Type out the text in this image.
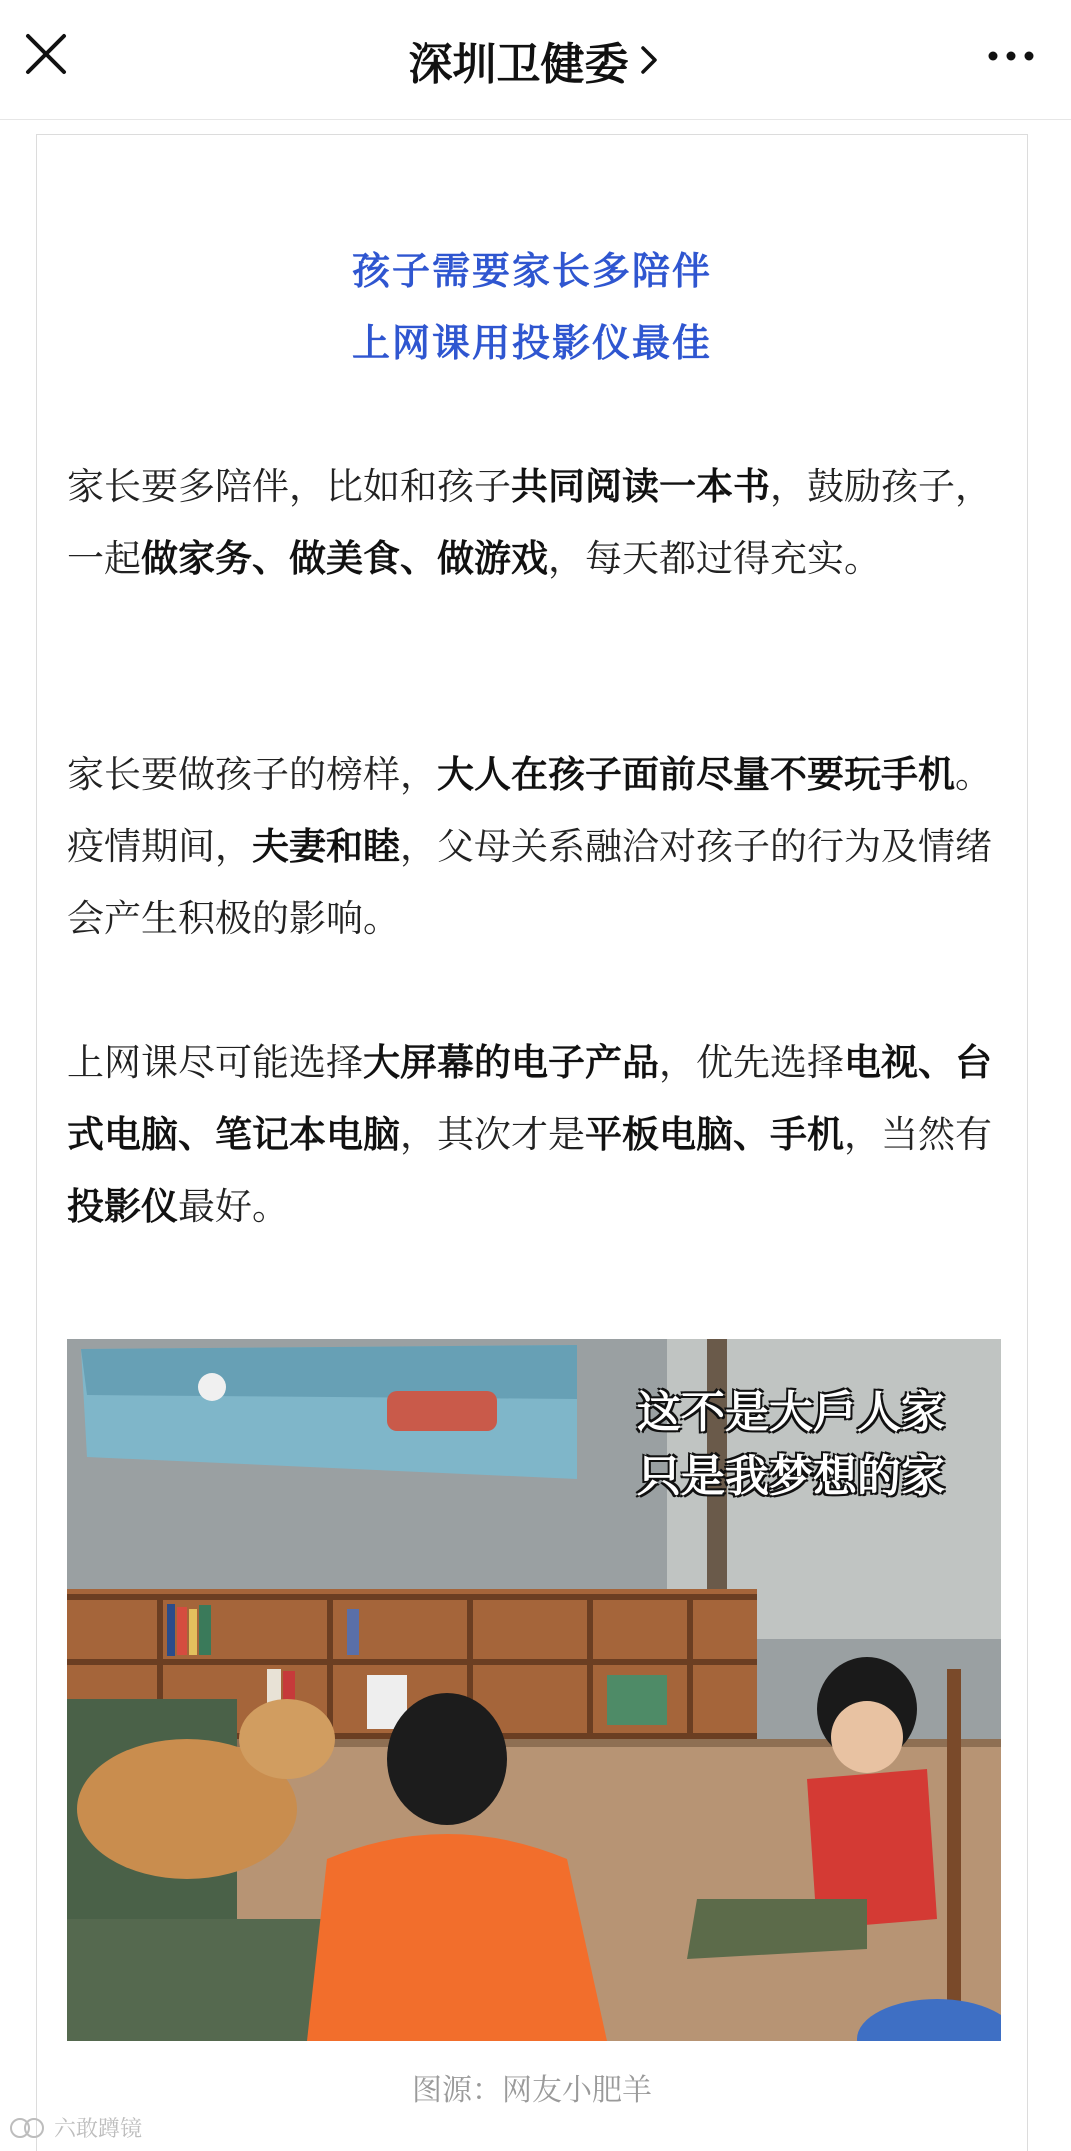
深圳卫健委
孩子需要家长多陪伴
上网课用投影仪最佳

家长要多陪伴，比如和孩子共同阅读一本书，鼓励孩子，一起做家务、做美食、做游戏，每天都过得充实。

家长要做孩子的榜样，大人在孩子面前尽量不要玩手机。疫情期间，夫妻和睦，父母关系融洽对孩子的行为及情绪会产生积极的影响。

上网课尽可能选择大屏幕的电子产品，优先选择电视、台式电脑、笔记本电脑，其次才是平板电脑、手机，当然有投影仪最好。

这不是大戶人家
只是我梦想的家
图源：网友小肥羊
六敢蹲镜
